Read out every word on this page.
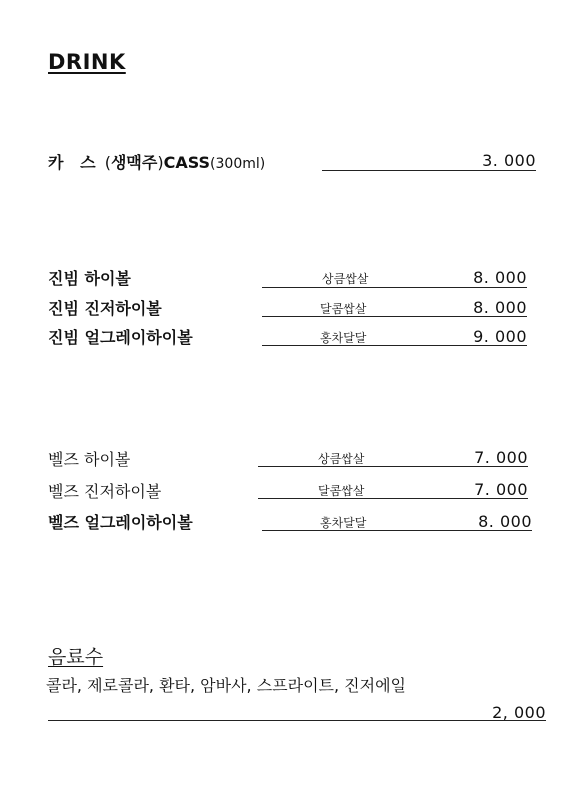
DRINK
카   스 (생맥주)CASS(300ml)	3. 000
진빔 하이볼	상큼쌉살	8. 000
진빔 진저하이볼	달콤쌉살	8. 000
진빔 얼그레이하이볼	홍차달달	9. 000
벨즈 하이볼	상큼쌉살	7. 000
벨즈 진저하이볼	달콤쌉살	7. 000
벨즈 얼그레이하이볼	홍차달달	8. 000
음료수
콜라, 제로콜라, 환타, 암바사, 스프라이트, 진저에일
2, 000
